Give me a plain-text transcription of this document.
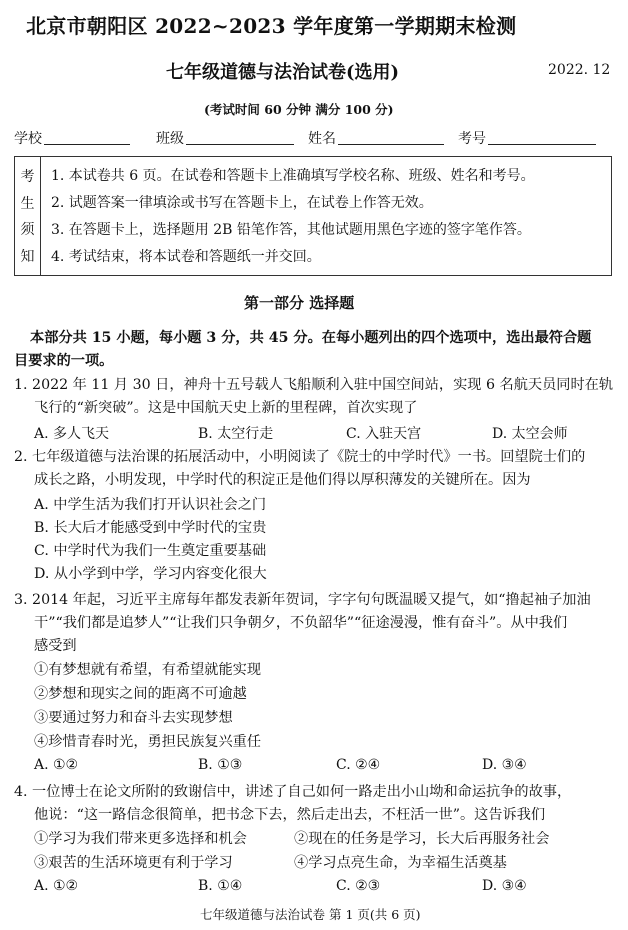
北京市朝阳区 2022~2023 学年度第一学期期末检测
七年级道德与法治试卷(选用)	2022. 12
(考试时间 60 分钟 满分 100 分)
学校	班级	姓名	考号
考
生
须
知
1. 本试卷共 6 页。在试卷和答题卡上准确填写学校名称、班级、姓名和考号。
2. 试题答案一律填涂或书写在答题卡上，在试卷上作答无效。
3. 在答题卡上，选择题用 2B 铅笔作答，其他试题用黑色字迹的签字笔作答。
4. 考试结束，将本试卷和答题纸一并交回。
第一部分 选择题
本部分共 15 小题，每小题 3 分，共 45 分。在每小题列出的四个选项中，选出最符合题
目要求的一项。
1. 2022 年 11 月 30 日，神舟十五号载人飞船顺利入驻中国空间站，实现 6 名航天员同时在轨
飞行的“新突破”。这是中国航天史上新的里程碑，首次实现了
A. 多人飞天	B. 太空行走	C. 入驻天宫	D. 太空会师
2. 七年级道德与法治课的拓展活动中，小明阅读了《院士的中学时代》一书。回望院士们的
成长之路，小明发现，中学时代的积淀正是他们得以厚积薄发的关键所在。因为
A. 中学生活为我们打开认识社会之门
B. 长大后才能感受到中学时代的宝贵
C. 中学时代为我们一生奠定重要基础
D. 从小学到中学，学习内容变化很大
3. 2014 年起，习近平主席每年都发表新年贺词，字字句句既温暖又提气，如“撸起袖子加油
干”“我们都是追梦人”“让我们只争朝夕，不负韶华”“征途漫漫，惟有奋斗”。从中我们
感受到
①有梦想就有希望，有希望就能实现
②梦想和现实之间的距离不可逾越
③要通过努力和奋斗去实现梦想
④珍惜青春时光，勇担民族复兴重任
A. ①②	B. ①③	C. ②④	D. ③④
4. 一位博士在论文所附的致谢信中，讲述了自己如何一路走出小山坳和命运抗争的故事，
他说：“这一路信念很简单，把书念下去，然后走出去，不枉活一世”。这告诉我们
①学习为我们带来更多选择和机会	②现在的任务是学习，长大后再服务社会
③艰苦的生活环境更有利于学习	④学习点亮生命，为幸福生活奠基
A. ①②	B. ①④	C. ②③	D. ③④
七年级道德与法治试卷 第 1 页(共 6 页)
